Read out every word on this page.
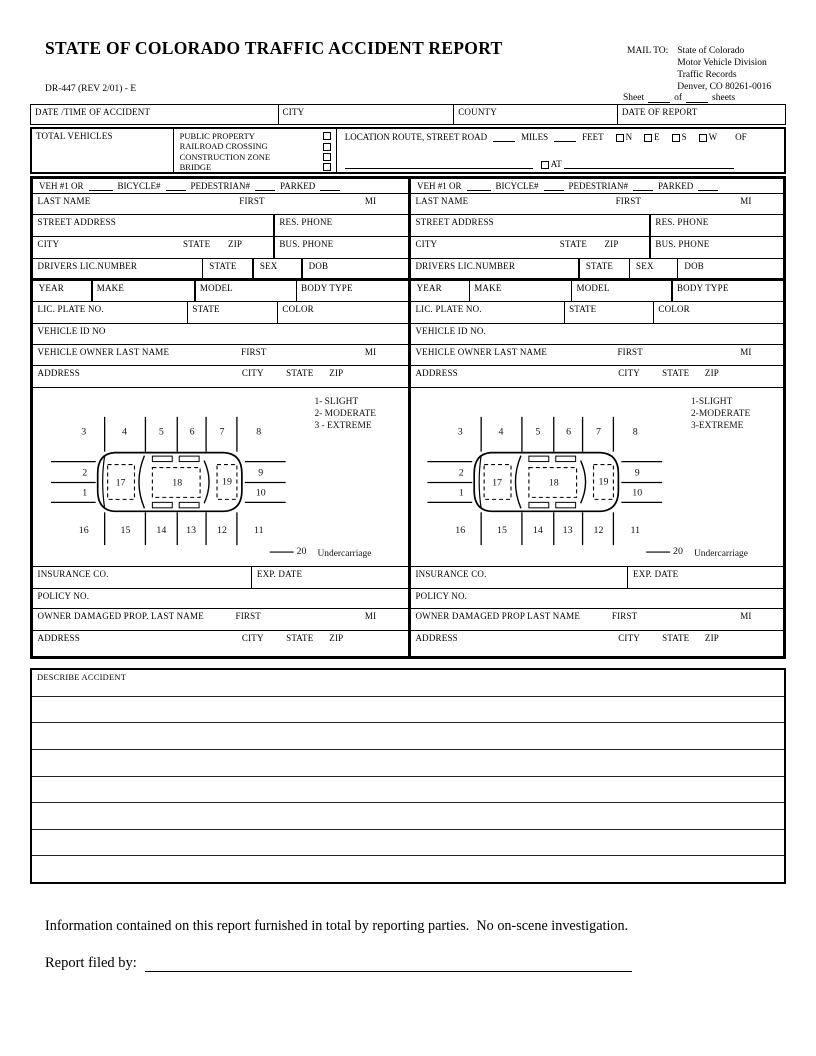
STATE OF COLORADO TRAFFIC ACCIDENT REPORT
DR-447 (REV 2/01) - E
MAIL TO: State of Colorado
Motor Vehicle Division
Traffic Records
Denver, CO 80261-0016
Sheet	of	sheets
DATE /TIME OF ACCIDENT	CITY	COUNTY	DATE OF REPORT
TOTAL VEHICLES	PUBLIC PROPERTY
RAILROAD CROSSING
CONSTRUCTION ZONE
BRIDGE
LOCATION ROUTE, STREET ROAD	MILES	FEET N E S W OF
AT
VEH #1 OR	BICYCLE#	PEDESTRIAN#	PARKED
LAST NAME	FIRST	MI
STREET ADDRESS	RES. PHONE
CITY	STATE ZIP	BUS. PHONE
DRIVERS LIC.NUMBER	STATE	SEX	DOB
YEAR	MAKE	MODEL	BODY TYPE
LIC. PLATE NO.	STATE	COLOR
VEHICLE ID NO
VEHICLE OWNER LAST NAME	FIRST	MI
ADDRESS	CITY STATE ZIP
1- SLIGHT
2- MODERATE
3 - EXTREME
3	4	5	6 7	8
2
1
9
10
17	18	19
16	15	14 13 12	11
20 Undercarriage
INSURANCE CO.	EXP. DATE
POLICY NO.
OWNER DAMAGED PROP. LAST NAME	FIRST	MI
ADDRESS	CITY STATE ZIP
VEH #1 OR	BICYCLE#	PEDESTRIAN#	PARKED
LAST NAME	FIRST	MI
STREET ADDRESS	RES. PHONE
CITY	STATE ZIP	BUS. PHONE
DRIVERS LIC.NUMBER	STATE	SEX	DOB
YEAR	MAKE	MODEL	BODY TYPE
LIC. PLATE NO.	STATE	COLOR
VEHICLE ID NO.
VEHICLE OWNER LAST NAME	FIRST	MI
ADDRESS	CITY STATE ZIP
1-SLIGHT
2-MODERATE
3-EXTREME
3	4	5	6 7	8
2
1
9
10
17	18	19
16	15	14 13 12	11
20 Undercarriage
INSURANCE CO.	EXP. DATE
POLICY NO.
OWNER DAMAGED PROP LAST NAME	FIRST	MI
ADDRESS	CITY STATE ZIP
DESCRIBE ACCIDENT
Information contained on this report furnished in total by reporting parties.  No on-scene investigation.
Report filed by:
